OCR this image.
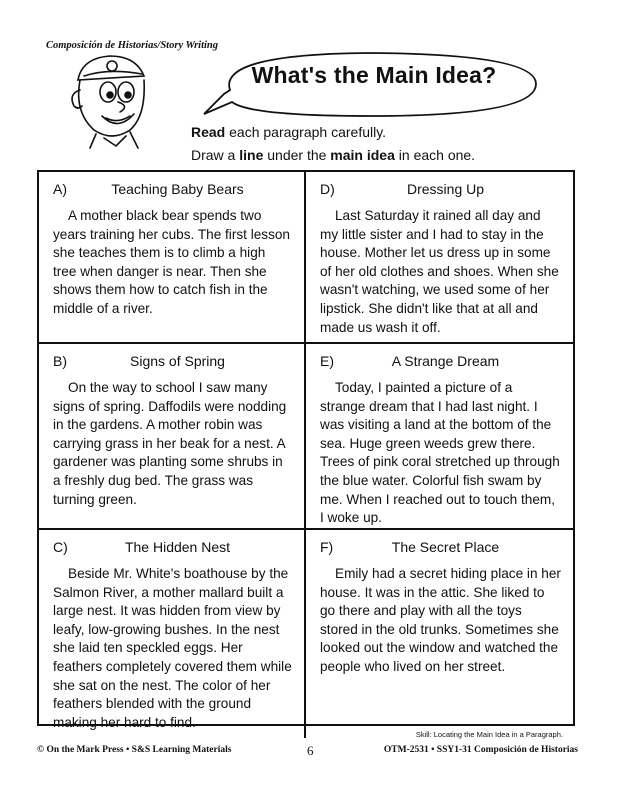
Composición de Historias/Story Writing
What's the Main Idea?
Read each paragraph carefully.
Draw a line under the main idea in each one.
A)	Teaching Baby Bears
A mother black bear spends two years training her cubs. The first lesson she teaches them is to climb a high tree when danger is near. Then she shows them how to catch fish in the middle of a river.
D)	Dressing Up
Last Saturday it rained all day and my little sister and I had to stay in the house. Mother let us dress up in some of her old clothes and shoes. When she wasn't watching, we used some of her lipstick. She didn't like that at all and made us wash it off.
B)	Signs of Spring
On the way to school I saw many signs of spring. Daffodils were nodding in the gardens. A mother robin was carrying grass in her beak for a nest. A gardener was planting some shrubs in a freshly dug bed. The grass was turning green.
E)	A Strange Dream
Today, I painted a picture of a strange dream that I had last night. I was visiting a land at the bottom of the sea. Huge green weeds grew there. Trees of pink coral stretched up through the blue water. Colorful fish swam by me. When I reached out to touch them, I woke up.
C)	The Hidden Nest
Beside Mr. White's boathouse by the Salmon River, a mother mallard built a large nest. It was hidden from view by leafy, low-growing bushes. In the nest she laid ten speckled eggs. Her feathers completely covered them while she sat on the nest. The color of her feathers blended with the ground making her hard to find.
F)	The Secret Place
Emily had a secret hiding place in her house. It was in the attic. She liked to go there and play with all the toys stored in the old trunks. Sometimes she looked out the window and watched the people who lived on her street.
Skill: Locating the Main Idea in a Paragraph.
© On the Mark Press • S&S Learning Materials	6	OTM-2531 • SSY1-31 Composición de Historias
